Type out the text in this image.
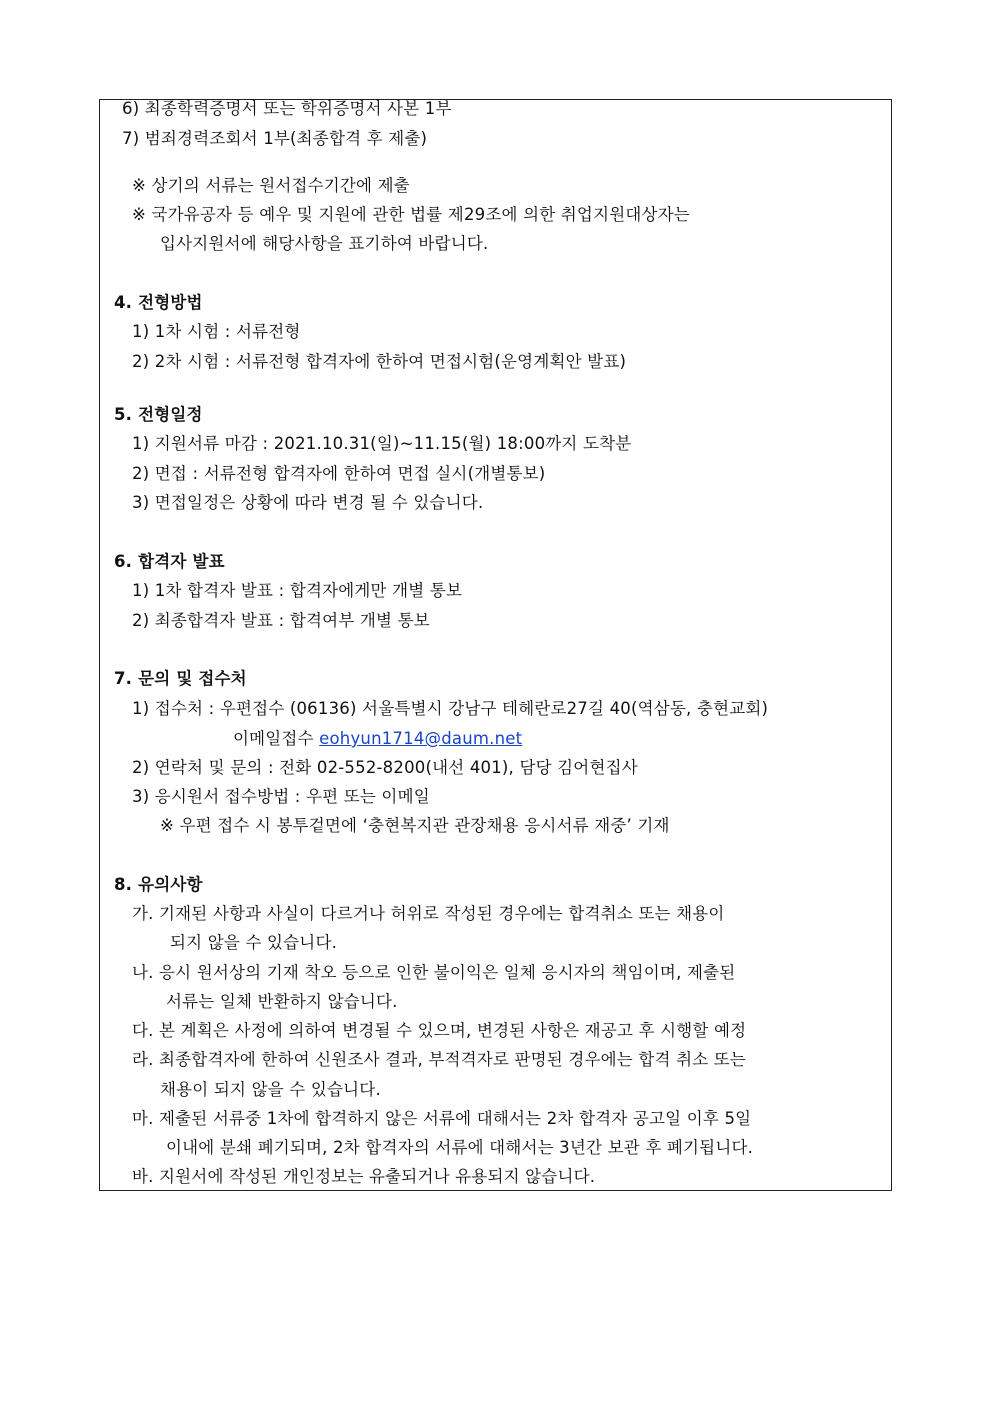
6) 최종학력증명서 또는 학위증명서 사본 1부
7) 범죄경력조회서 1부(최종합격 후 제출)
※ 상기의 서류는 원서접수기간에 제출
※ 국가유공자 등 예우 및 지원에 관한 법률 제29조에 의한 취업지원대상자는
입사지원서에 해당사항을 표기하여 바랍니다.
4. 전형방법
1) 1차 시험 : 서류전형
2) 2차 시험 : 서류전형 합격자에 한하여 면접시험(운영계획안 발표)
5. 전형일정
1) 지원서류 마감 : 2021.10.31(일)~11.15(월) 18:00까지 도착분
2) 면접 : 서류전형 합격자에 한하여 면접 실시(개별통보)
3) 면접일정은 상황에 따라 변경 될 수 있습니다.
6. 합격자 발표
1) 1차 합격자 발표 : 합격자에게만 개별 통보
2) 최종합격자 발표 : 합격여부 개별 통보
7. 문의 및 접수처
1) 접수처 : 우편접수 (06136) 서울특별시 강남구 테헤란로27길 40(역삼동, 충현교회)
이메일접수 eohyun1714@daum.net
2) 연락처 및 문의 : 전화 02-552-8200(내선 401), 담당 김어현집사
3) 응시원서 접수방법 : 우편 또는 이메일
※ 우편 접수 시 봉투겉면에 ‘충현복지관 관장채용 응시서류 재중’ 기재
8. 유의사항
가. 기재된 사항과 사실이 다르거나 허위로 작성된 경우에는 합격취소 또는 채용이
되지 않을 수 있습니다.
나. 응시 원서상의 기재 착오 등으로 인한 불이익은 일체 응시자의 책임이며, 제출된
서류는 일체 반환하지 않습니다.
다. 본 계획은 사정에 의하여 변경될 수 있으며, 변경된 사항은 재공고 후 시행할 예정
라. 최종합격자에 한하여 신원조사 결과, 부적격자로 판명된 경우에는 합격 취소 또는
채용이 되지 않을 수 있습니다.
마. 제출된 서류중 1차에 합격하지 않은 서류에 대해서는 2차 합격자 공고일 이후 5일
이내에 분쇄 폐기되며, 2차 합격자의 서류에 대해서는 3년간 보관 후 폐기됩니다.
바. 지원서에 작성된 개인정보는 유출되거나 유용되지 않습니다.
